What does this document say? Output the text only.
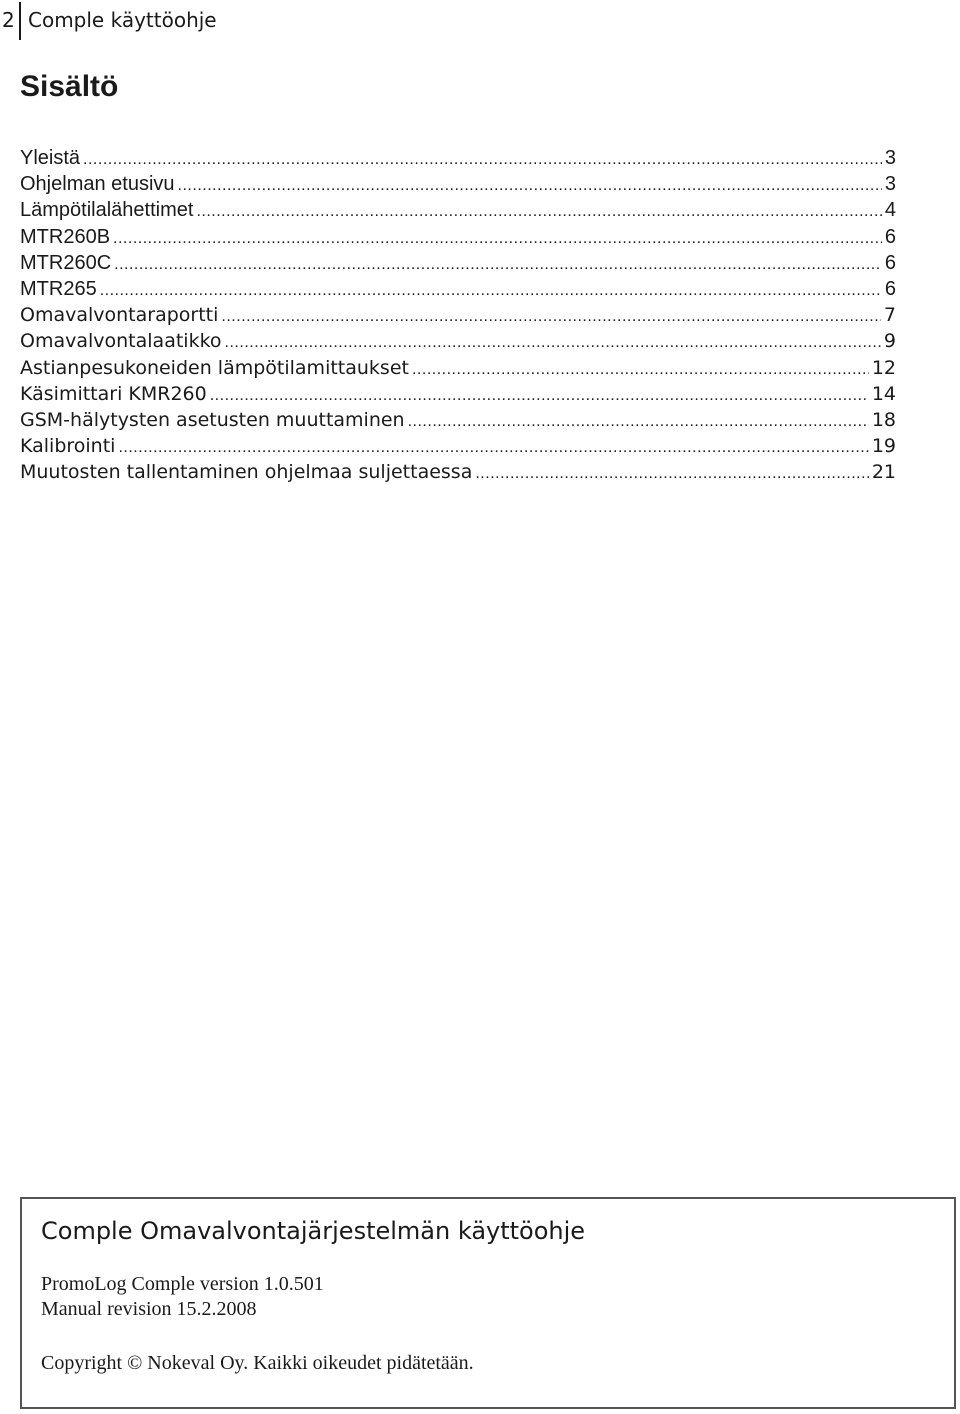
2 Comple käyttöohje
Sisältö
Yleistä .....	3
Ohjelman etusivu .....	3
Lämpötilalähettimet .....	4
MTR260B .....	6
MTR260C .....	6
MTR265 .....	6
Omavalvontaraportti .....	7
Omavalvontalaatikko .....	9
Astianpesukoneiden lämpötilamittaukset .....	12
Käsimittari KMR260 .....	14
GSM-hälytysten asetusten muuttaminen .....	18
Kalibrointi .....	19
Muutosten tallentaminen ohjelmaa suljettaessa .....	21
Comple Omavalvontajärjestelmän käyttöohje
PromoLog Comple version 1.0.501
Manual revision 15.2.2008
Copyright © Nokeval Oy. Kaikki oikeudet pidätetään.
